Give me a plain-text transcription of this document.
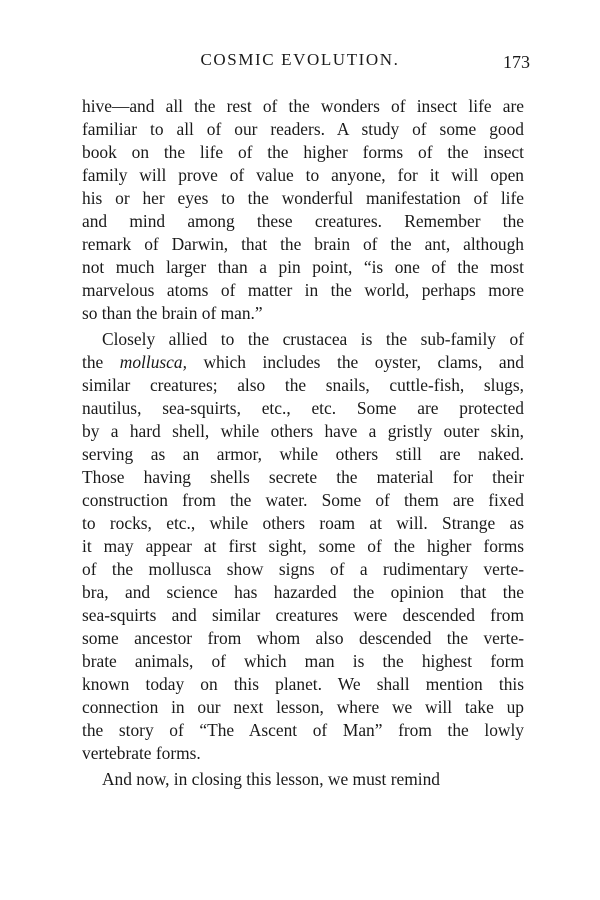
COSMIC EVOLUTION.	173

hive—and all the rest of the wonders of insect life are
familiar to all of our readers. A study of some good
book on the life of the higher forms of the insect
family will prove of value to anyone, for it will open
his or her eyes to the wonderful manifestation of life
and mind among these creatures. Remember the
remark of Darwin, that the brain of the ant, although
not much larger than a pin point, “is one of the most
marvelous atoms of matter in the world, perhaps more
so than the brain of man.”

Closely allied to the crustacea is the sub-family of
the mollusca, which includes the oyster, clams, and
similar creatures; also the snails, cuttle-fish, slugs,
nautilus, sea-squirts, etc., etc. Some are protected
by a hard shell, while others have a gristly outer skin,
serving as an armor, while others still are naked.
Those having shells secrete the material for their
construction from the water. Some of them are fixed
to rocks, etc., while others roam at will. Strange as
it may appear at first sight, some of the higher forms
of the mollusca show signs of a rudimentary verte-
bra, and science has hazarded the opinion that the
sea-squirts and similar creatures were descended from
some ancestor from whom also descended the verte-
brate animals, of which man is the highest form
known today on this planet. We shall mention this
connection in our next lesson, where we will take up
the story of “The Ascent of Man” from the lowly
vertebrate forms.

And now, in closing this lesson, we must remind
